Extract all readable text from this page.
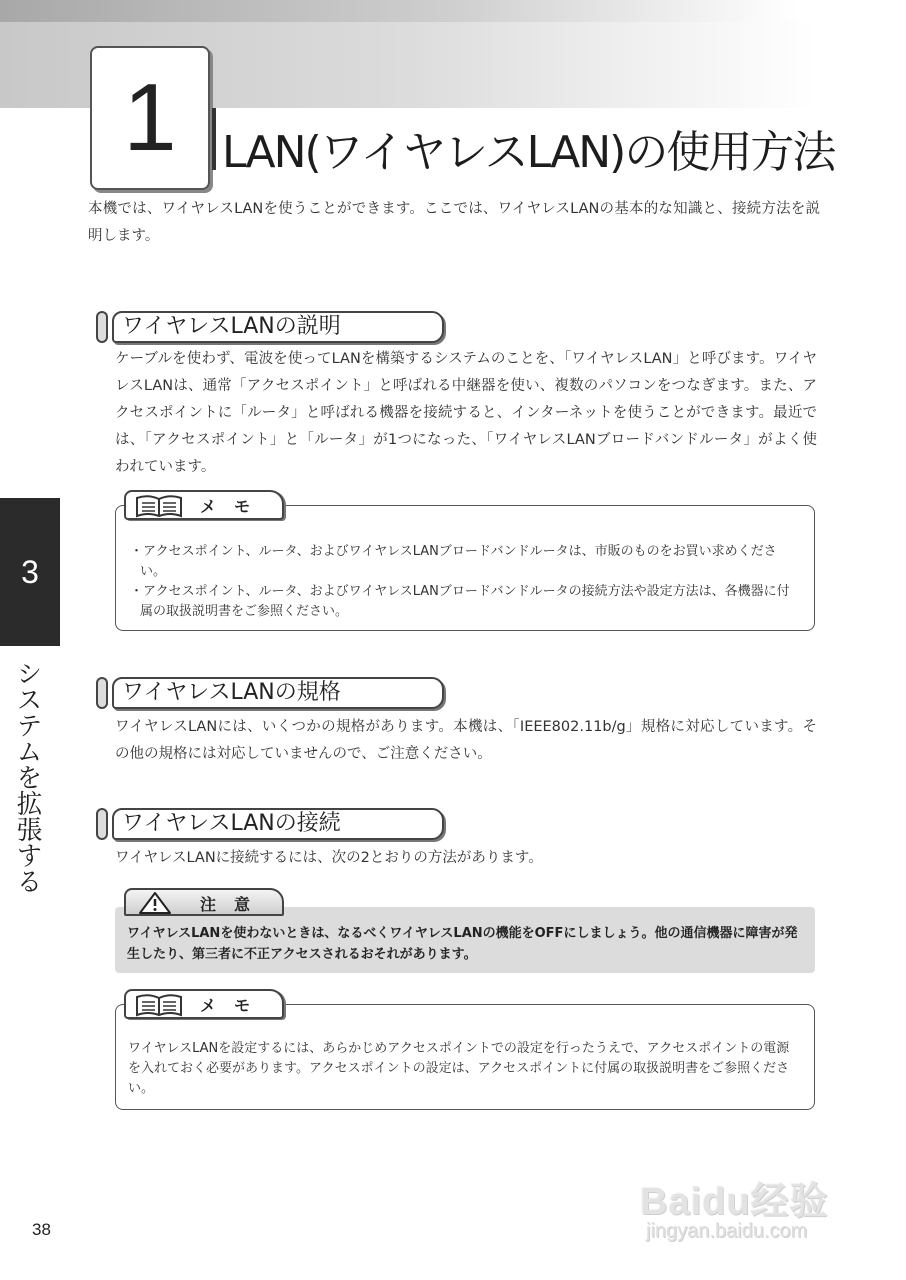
1 LAN(ワイヤレスLAN)の使用方法

本機では、ワイヤレスLANを使うことができます。ここでは、ワイヤレスLANの基本的な知識と、接続方法を説明します。

ワイヤレスLANの説明

ケーブルを使わず、電波を使ってLANを構築するシステムのことを、「ワイヤレスLAN」と呼びます。ワイヤレスLANは、通常「アクセスポイント」と呼ばれる中継器を使い、複数のパソコンをつなぎます。また、アクセスポイントに「ルータ」と呼ばれる機器を接続すると、インターネットを使うことができます。最近では、「アクセスポイント」と「ルータ」が1つになった、「ワイヤレスLANブロードバンドルータ」がよく使われています。

・アクセスポイント、ルータ、およびワイヤレスLANブロードバンドルータは、市販のものをお買い求めください。
・アクセスポイント、ルータ、およびワイヤレスLANブロードバンドルータの接続方法や設定方法は、各機器に付属の取扱説明書をご参照ください。
メモ
ワイヤレスLANの規格

ワイヤレスLANには、いくつかの規格があります。本機は、「IEEE802.11b/g」規格に対応しています。その他の規格には対応していませんので、ご注意ください。

ワイヤレスLANの接続

ワイヤレスLANに接続するには、次の2とおりの方法があります。

ワイヤレスLANを使わないときは、なるべくワイヤレスLANの機能をOFFにしましょう。他の通信機器に障害が発生したり、第三者に不正アクセスされるおそれがあります。
注意

ワイヤレスLANを設定するには、あらかじめアクセスポイントでの設定を行ったうえで、アクセスポイントの電源を入れておく必要があります。アクセスポイントの設定は、アクセスポイントに付属の取扱説明書をご参照ください。

メモ
3
システムを拡張する
38
Baidu经验
jingyan.baidu.com
